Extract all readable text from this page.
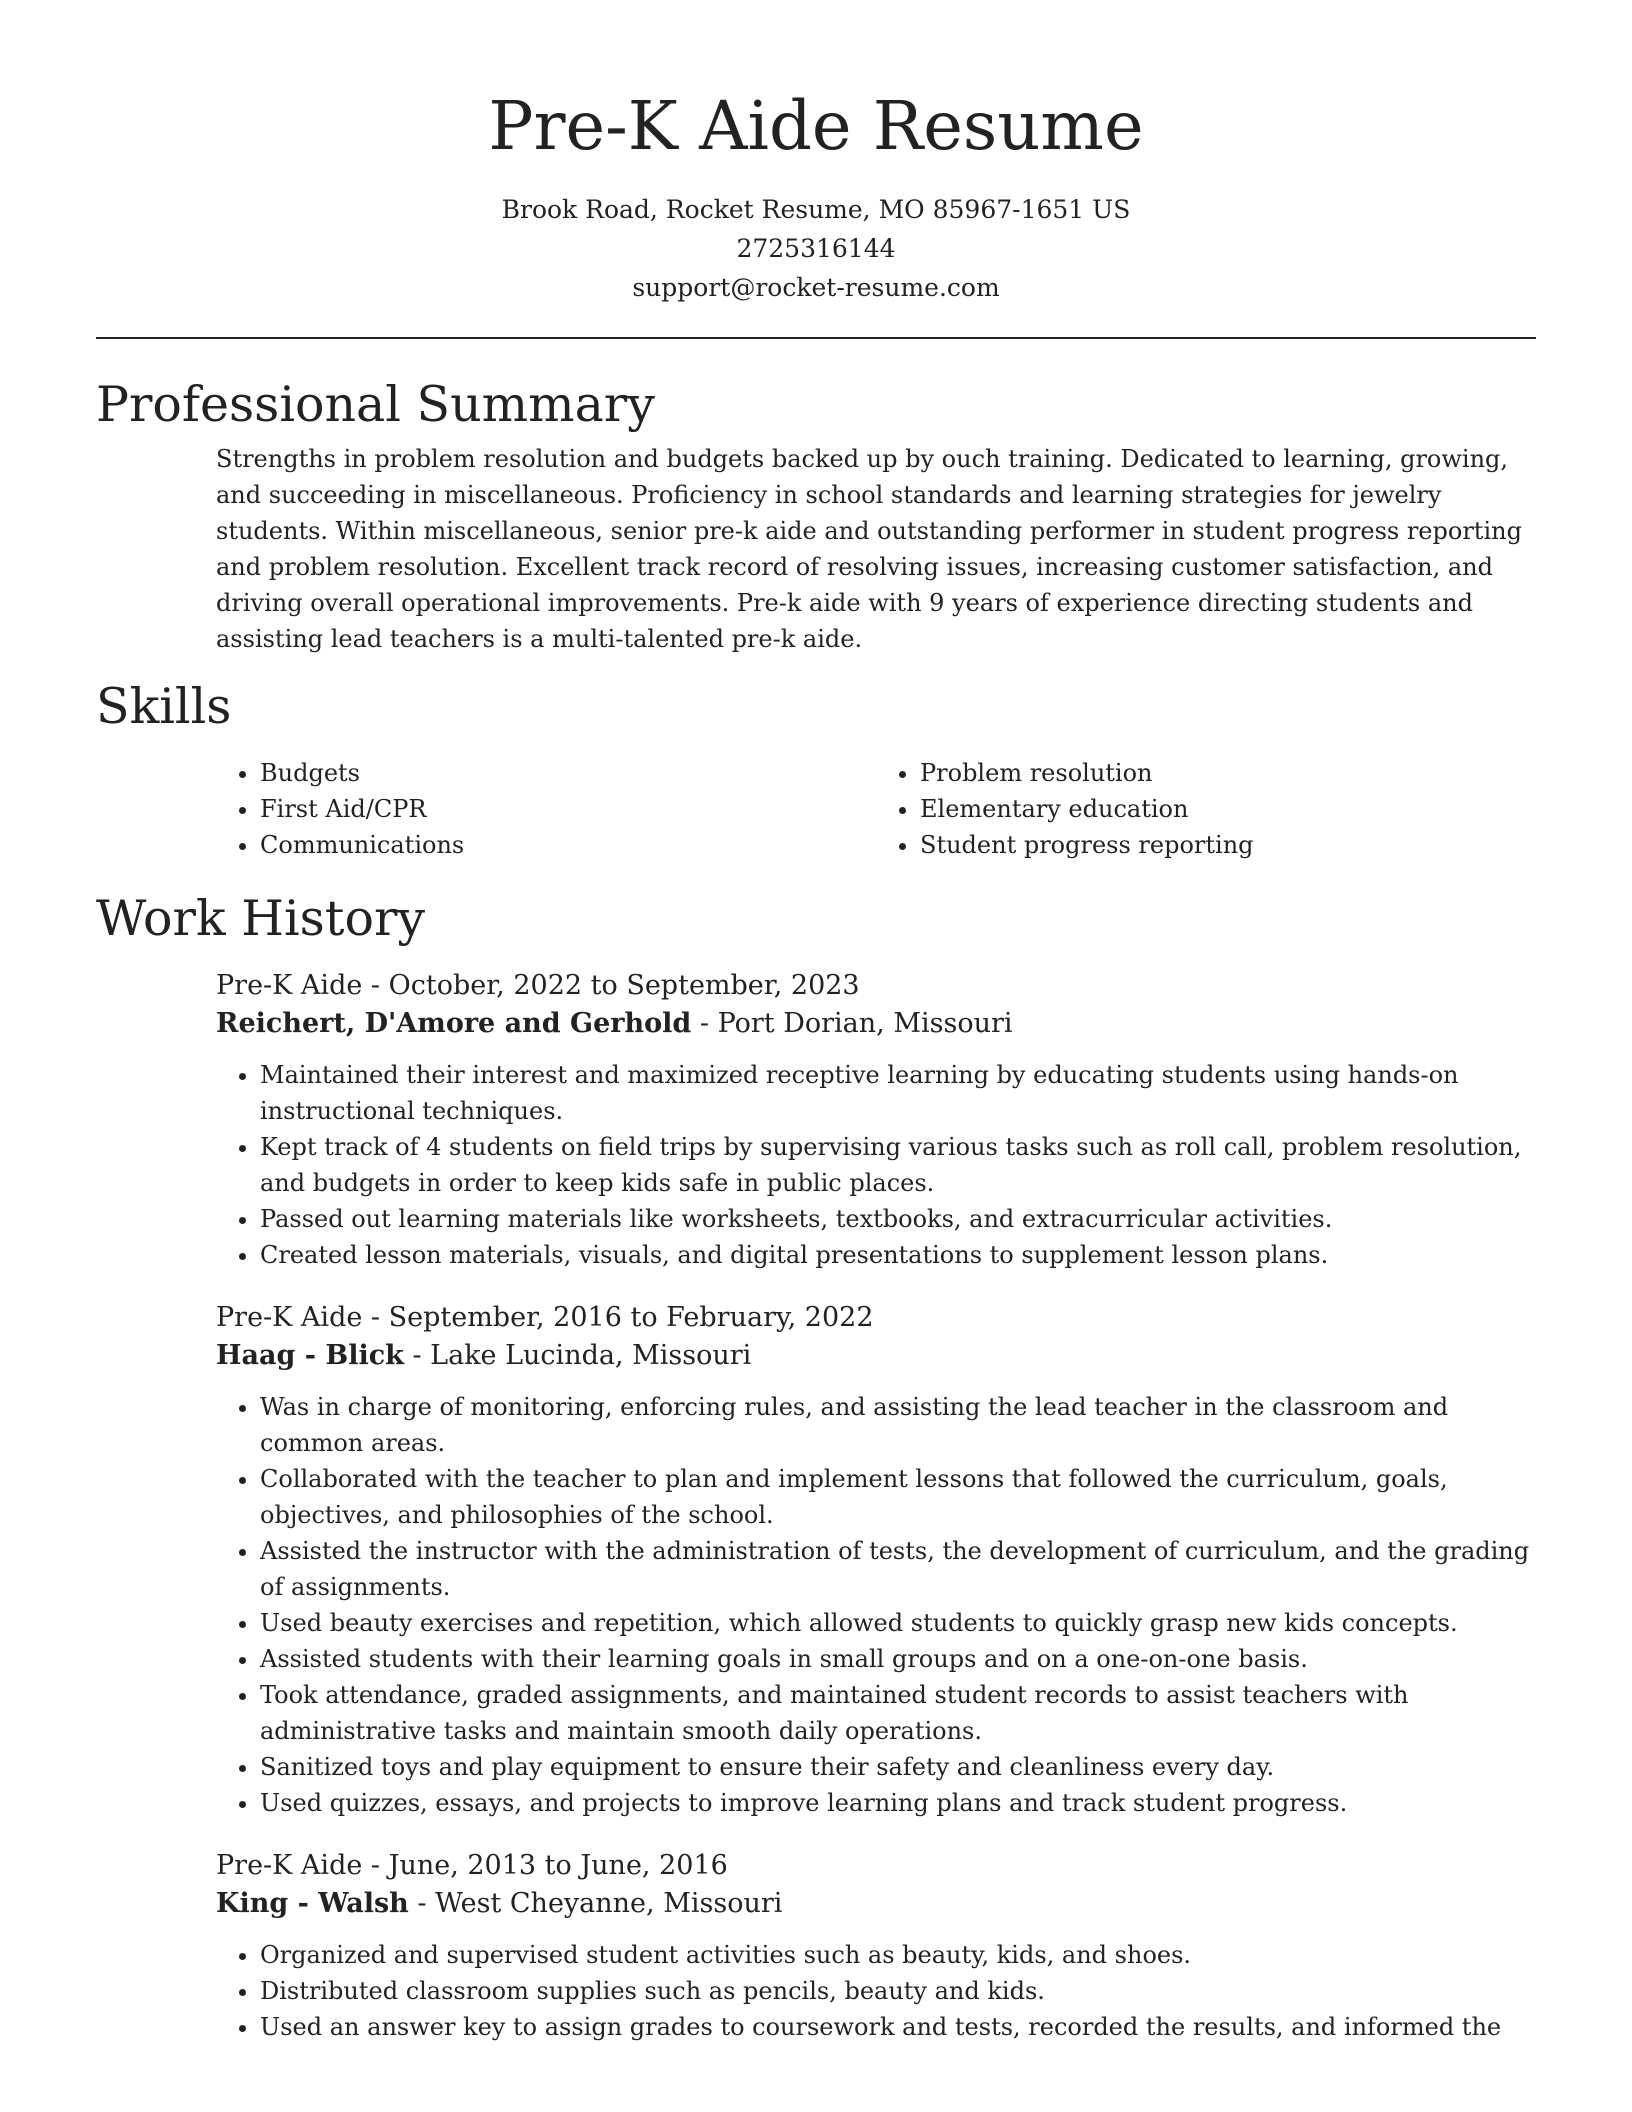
Pre-K Aide Resume

Brook Road, Rocket Resume, MO 85967-1651 US

2725316144

support@rocket-resume.com

Professional Summary

Strengths in problem resolution and budgets backed up by ouch training. Dedicated to learning, growing, and succeeding in miscellaneous. Proficiency in school standards and learning strategies for jewelry students. Within miscellaneous, senior pre-k aide and outstanding performer in student progress reporting and problem resolution. Excellent track record of resolving issues, increasing customer satisfaction, and driving overall operational improvements. Pre-k aide with 9 years of experience directing students and assisting lead teachers is a multi-talented pre-k aide.

Skills
• Budgets
• First Aid/CPR
• Communications
• Problem resolution
• Elementary education
• Student progress reporting
Work History

Pre-K Aide - October, 2022 to September, 2023

Reichert, D'Amore and Gerhold - Port Dorian, Missouri

• Maintained their interest and maximized receptive learning by educating students using hands-on instructional techniques.
• Kept track of 4 students on field trips by supervising various tasks such as roll call, problem resolution, and budgets in order to keep kids safe in public places.
• Passed out learning materials like worksheets, textbooks, and extracurricular activities.
• Created lesson materials, visuals, and digital presentations to supplement lesson plans.

Pre-K Aide - September, 2016 to February, 2022

Haag - Blick - Lake Lucinda, Missouri

• Was in charge of monitoring, enforcing rules, and assisting the lead teacher in the classroom and common areas.
• Collaborated with the teacher to plan and implement lessons that followed the curriculum, goals, objectives, and philosophies of the school.
• Assisted the instructor with the administration of tests, the development of curriculum, and the grading of assignments.
• Used beauty exercises and repetition, which allowed students to quickly grasp new kids concepts.
• Assisted students with their learning goals in small groups and on a one-on-one basis.
• Took attendance, graded assignments, and maintained student records to assist teachers with administrative tasks and maintain smooth daily operations.
• Sanitized toys and play equipment to ensure their safety and cleanliness every day.
• Used quizzes, essays, and projects to improve learning plans and track student progress.

Pre-K Aide - June, 2013 to June, 2016

King - Walsh - West Cheyanne, Missouri

• Organized and supervised student activities such as beauty, kids, and shoes.
• Distributed classroom supplies such as pencils, beauty and kids.
• Used an answer key to assign grades to coursework and tests, recorded the results, and informed the
